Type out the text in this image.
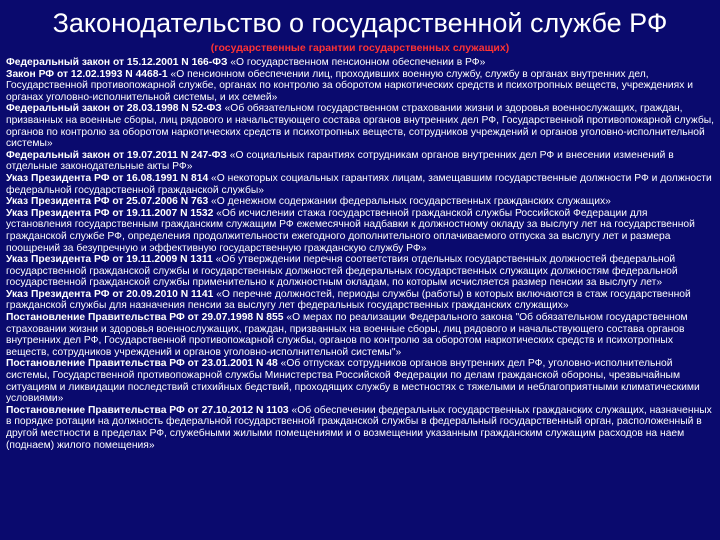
Законодательство о государственной службе РФ
(государственные гарантии государственных служащих)

Федеральный закон от 15.12.2001 N 166-ФЗ «О государственном пенсионном обеспечении в РФ»

Закон РФ от 12.02.1993 N 4468-1 «О пенсионном обеспечении лиц, проходивших военную службу, службу в органах внутренних дел, Государственной противопожарной службе, органах по контролю за оборотом наркотических средств и психотропных веществ, учреждениях и органах уголовно-исполнительной системы, и их семей»

Федеральный закон от 28.03.1998 N 52-ФЗ «Об обязательном государственном страховании жизни и здоровья военнослужащих, граждан, призванных на военные сборы, лиц рядового и начальствующего состава органов внутренних дел РФ, Государственной противопожарной службы, органов по контролю за оборотом наркотических средств и психотропных веществ, сотрудников учреждений и органов уголовно-исполнительной системы»

Федеральный закон от 19.07.2011 N 247-ФЗ «О социальных гарантиях сотрудникам органов внутренних дел РФ и внесении изменений в отдельные законодательные акты РФ»

Указ Президента РФ от 16.08.1991 N 814 «О некоторых социальных гарантиях лицам, замещавшим государственные должности РФ и должности федеральной государственной гражданской службы»

Указ Президента РФ от 25.07.2006 N 763 «О денежном содержании федеральных государственных гражданских служащих»

Указ Президента РФ от 19.11.2007 N 1532 «Об исчислении стажа государственной гражданской службы Российской Федерации для установления государственным гражданским служащим РФ ежемесячной надбавки к должностному окладу за выслугу лет на государственной гражданской службе РФ, определения продолжительности ежегодного дополнительного оплачиваемого отпуска за выслугу лет и размера поощрений за безупречную и эффективную государственную гражданскую службу РФ»

Указ Президента РФ от 19.11.2009 N 1311 «Об утверждении перечня соответствия отдельных государственных должностей федеральной государственной гражданской службы и государственных должностей федеральных государственных служащих должностям федеральной государственной гражданской службы применительно к должностным окладам, по которым исчисляется размер пенсии за выслугу лет»

Указ Президента РФ от 20.09.2010 N 1141 «О перечне должностей, периоды службы (работы) в которых включаются в стаж государственной гражданской службы для назначения пенсии за выслугу лет федеральных государственных гражданских служащих»

Постановление Правительства РФ от 29.07.1998 N 855 «О мерах по реализации Федерального закона "Об обязательном государственном страховании жизни и здоровья военнослужащих, граждан, призванных на военные сборы, лиц рядового и начальствующего состава органов внутренних дел РФ, Государственной противопожарной службы, органов по контролю за оборотом наркотических средств и психотропных веществ, сотрудников учреждений и органов уголовно-исполнительной системы"»

Постановление Правительства РФ от 23.01.2001 N 48 «Об отпусках сотрудников органов внутренних дел РФ, уголовно-исполнительной системы, Государственной противопожарной службы Министерства Российской Федерации по делам гражданской обороны, чрезвычайным ситуациям и ликвидации последствий стихийных бедствий, проходящих службу в местностях с тяжелыми и неблагоприятными климатическими условиями»

Постановление Правительства РФ от 27.10.2012 N 1103 «Об обеспечении федеральных государственных гражданских служащих, назначенных в порядке ротации на должность федеральной государственной гражданской службы в федеральный государственный орган, расположенный в другой местности в пределах РФ, служебными жилыми помещениями и о возмещении указанным гражданским служащим расходов на наем (поднаем) жилого помещения»
